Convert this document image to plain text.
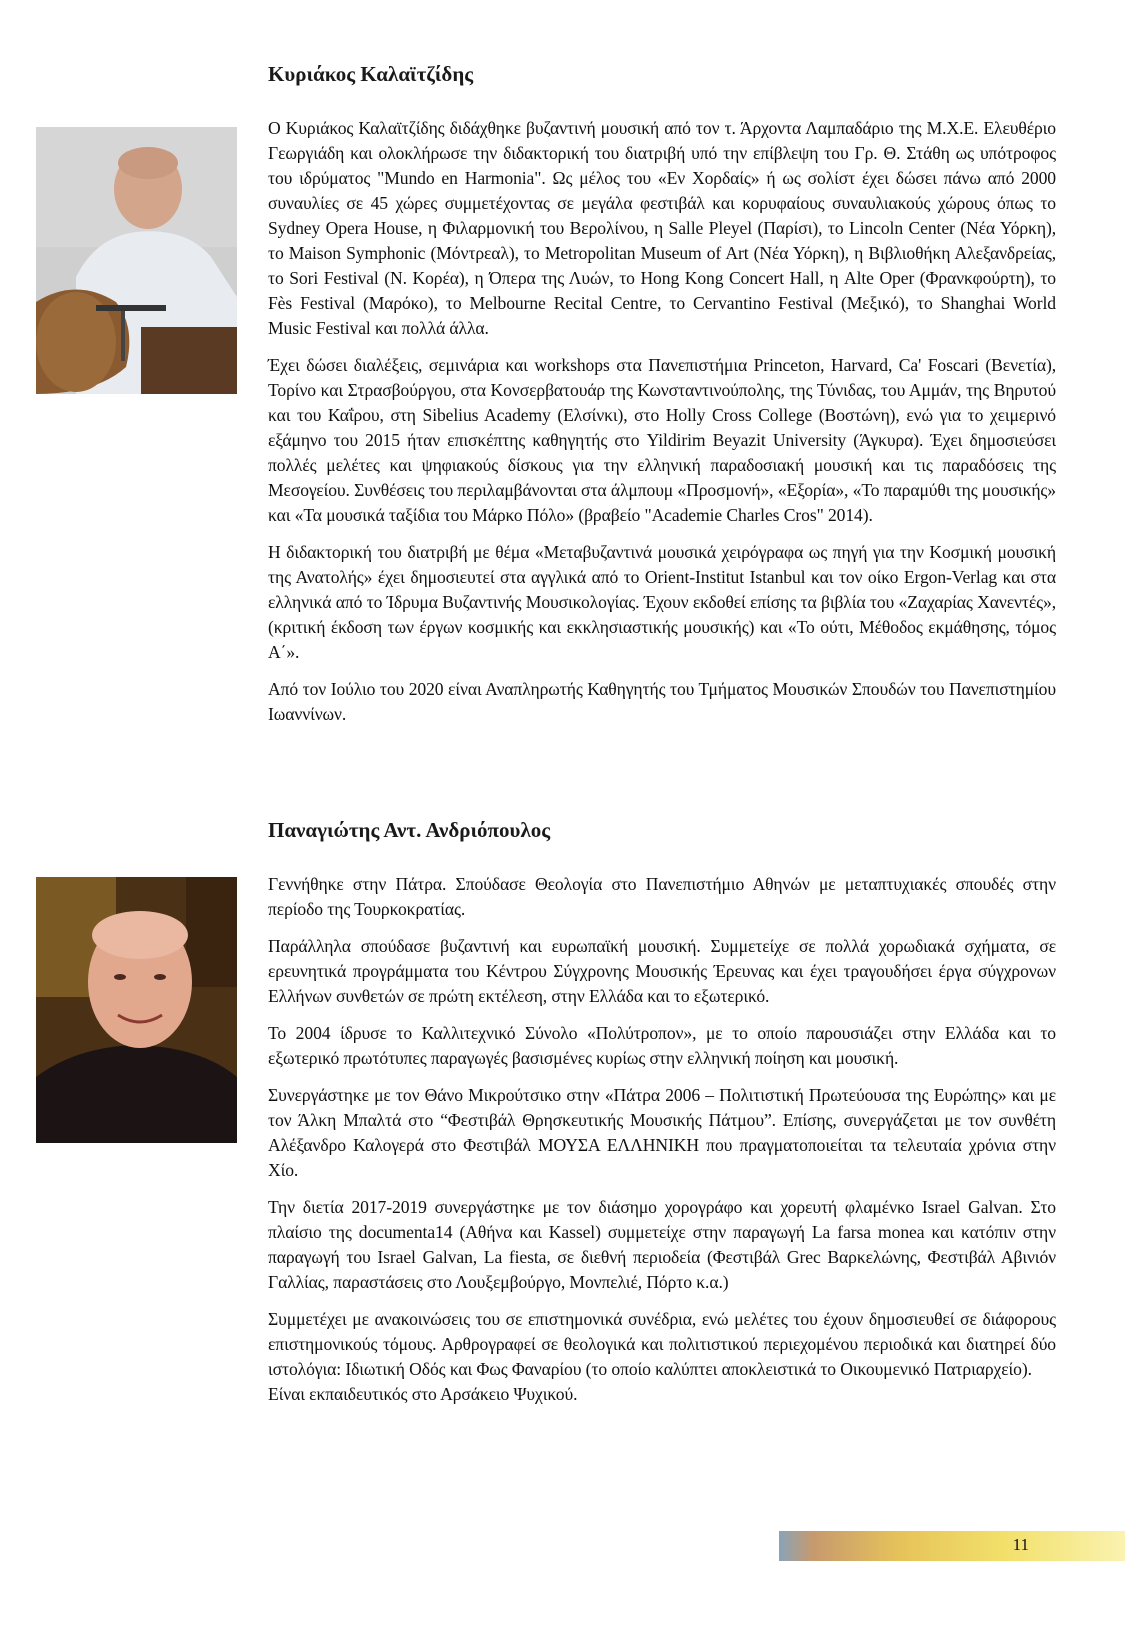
Κυριάκος Καλαϊτζίδης

Ο Κυριάκος Καλαϊτζίδης διδάχθηκε βυζαντινή μουσική από τον τ. Άρχοντα Λαμπαδάριο της Μ.Χ.Ε. Ελευθέριο Γεωργιάδη και ολοκλήρωσε την διδακτορική του διατριβή υπό την επίβλεψη του Γρ. Θ. Στάθη ως υπότροφος του ιδρύματος "Mundo en Harmonia". Ως μέλος του «Εν Χορδαίς» ή ως σολίστ έχει δώσει πάνω από 2000 συναυλίες σε 45 χώρες συμμετέχοντας σε μεγάλα φεστιβάλ και κορυφαίους συναυλιακούς χώρους όπως το Sydney Opera House, η Φιλαρμονική του Βερολίνου, η Salle Pleyel (Παρίσι), το Lincoln Center (Νέα Υόρκη), το Maison Symphonic (Μόντρεαλ), το Metropolitan Museum of Art (Νέα Υόρκη), η Βιβλιοθήκη Αλεξανδρείας, το Sori Festival (Ν. Κορέα), η Όπερα της Λυών, το Hong Kong Concert Hall, η Alte Oper (Φρανκφούρτη), το Fès Festival (Μαρόκο), το Melbourne Recital Centre, το Cervantino Festival (Μεξικό), το Shanghai World Music Festival και πολλά άλλα.

Έχει δώσει διαλέξεις, σεμινάρια και workshops στα Πανεπιστήμια Princeton, Harvard, Ca' Foscari (Βενετία), Τορίνο και Στρασβούργου, στα Κονσερβατουάρ της Κωνσταντινούπολης, της Τύνιδας, του Αμμάν, της Βηρυτού και του Καΐρου, στη Sibelius Academy (Ελσίνκι), στο Holly Cross College (Βοστώνη), ενώ για το χειμερινό εξάμηνο του 2015 ήταν επισκέπτης καθηγητής στο Yildirim Beyazit University (Άγκυρα). Έχει δημοσιεύσει πολλές μελέτες και ψηφιακούς δίσκους για την ελληνική παραδοσιακή μουσική και τις παραδόσεις της Μεσογείου. Συνθέσεις του περιλαμβάνονται στα άλμπουμ «Προσμονή», «Εξορία», «Το παραμύθι της μουσικής» και «Τα μουσικά ταξίδια του Μάρκο Πόλο» (βραβείο "Academie Charles Cros" 2014).

Η διδακτορική του διατριβή με θέμα «Μεταβυζαντινά μουσικά χειρόγραφα ως πηγή για την Κοσμική μουσική της Ανατολής» έχει δημοσιευτεί στα αγγλικά από το Orient-Institut Istanbul και τον οίκο Ergon-Verlag και στα ελληνικά από το Ίδρυμα Βυζαντινής Μουσικολογίας. Έχουν εκδοθεί επίσης τα βιβλία του «Ζαχαρίας Χανεντές», (κριτική έκδοση των έργων κοσμικής και εκκλησιαστικής μουσικής) και «Το ούτι, Μέθοδος εκμάθησης, τόμος Α΄».

Από τον Ιούλιο του 2020 είναι Αναπληρωτής Καθηγητής του Τμήματος Μουσικών Σπουδών του Πανεπιστημίου Ιωαννίνων.

Παναγιώτης Αντ. Ανδριόπουλος

Γεννήθηκε στην Πάτρα. Σπούδασε Θεολογία στο Πανεπιστήμιο Αθηνών με μεταπτυχιακές σπουδές στην περίοδο της Τουρκοκρατίας.

Παράλληλα σπούδασε βυζαντινή και ευρωπαϊκή μουσική. Συμμετείχε σε πολλά χορωδιακά σχήματα, σε ερευνητικά προγράμματα του Κέντρου Σύγχρονης Μουσικής Έρευνας και έχει τραγουδήσει έργα σύγχρονων Ελλήνων συνθετών σε πρώτη εκτέλεση, στην Ελλάδα και το εξωτερικό.

Το 2004 ίδρυσε το Καλλιτεχνικό Σύνολο «Πολύτροπον», με το οποίο παρουσιάζει στην Ελλάδα και το εξωτερικό πρωτότυπες παραγωγές βασισμένες κυρίως στην ελληνική ποίηση και μουσική.

Συνεργάστηκε με τον Θάνο Μικρούτσικο στην «Πάτρα 2006 – Πολιτιστική Πρωτεύουσα της Ευρώπης» και με τον Άλκη Μπαλτά στο “Φεστιβάλ Θρησκευτικής Μουσικής Πάτμου”. Επίσης, συνεργάζεται με τον συνθέτη Αλέξανδρο Καλογερά στο Φεστιβάλ ΜΟΥΣΑ ΕΛΛΗΝΙΚΗ που πραγματοποιείται τα τελευταία χρόνια στην Χίο.

Την διετία 2017-2019 συνεργάστηκε με τον διάσημο χορογράφο και χορευτή φλαμένκο Israel Galvan. Στο πλαίσιο της documenta14 (Αθήνα και Kassel) συμμετείχε στην παραγωγή La farsa monea και κατόπιν στην παραγωγή του Israel Galvan, La fiesta, σε διεθνή περιοδεία (Φεστιβάλ Grec Βαρκελώνης, Φεστιβάλ Αβινιόν Γαλλίας, παραστάσεις στο Λουξεμβούργο, Μονπελιέ, Πόρτο κ.α.)

Συμμετέχει με ανακοινώσεις του σε επιστημονικά συνέδρια, ενώ μελέτες του έχουν δημοσιευθεί σε διάφορους επιστημονικούς τόμους. Αρθρογραφεί σε θεολογικά και πολιτιστικού περιεχομένου περιοδικά και διατηρεί δύο ιστολόγια: Ιδιωτική Οδός και Φως Φαναρίου (το οποίο καλύπτει αποκλειστικά το Οικουμενικό Πατριαρχείο).

Είναι εκπαιδευτικός στο Αρσάκειο Ψυχικού.

11
